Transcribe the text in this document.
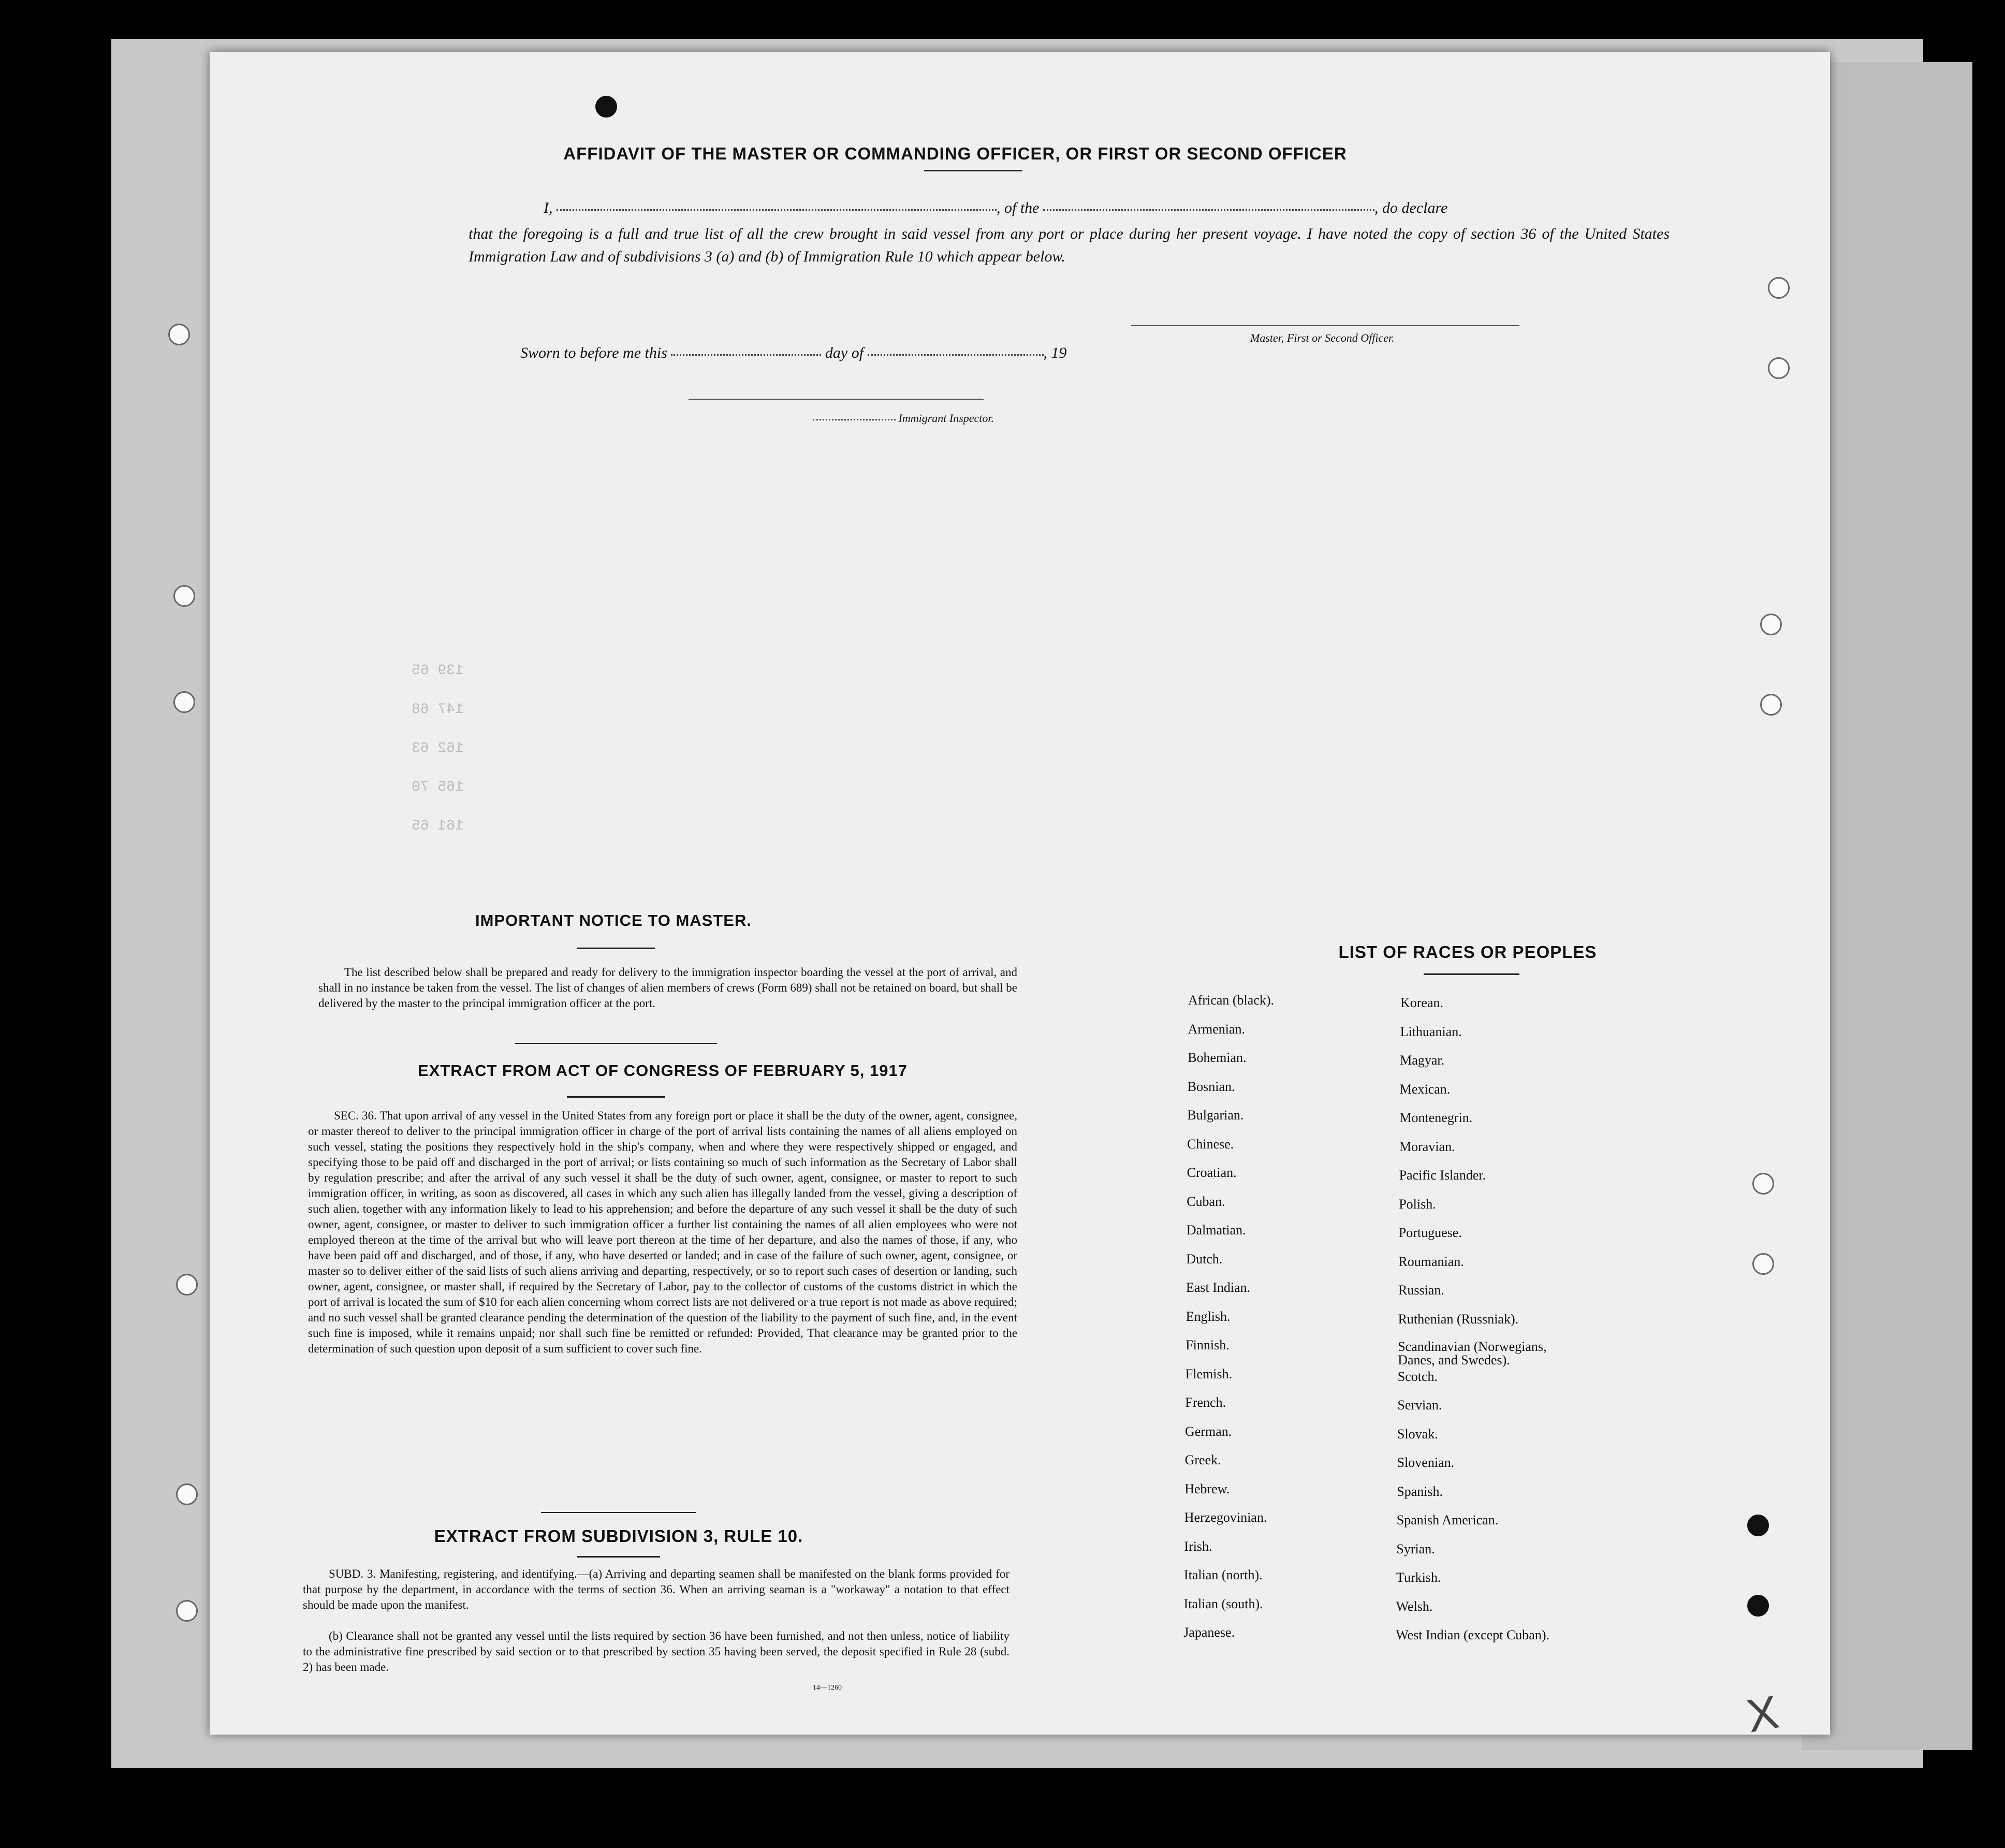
AFFIDAVIT OF THE MASTER OR COMMANDING OFFICER, OR FIRST OR SECOND OFFICER
I,	, of the	, do declare
that the foregoing is a full and true list of all the crew brought in said vessel from any port or place during her present voyage. I have noted the copy of section 36 of the United States Immigration Law and of subdivisions 3 (a) and (b) of Immigration Rule 10 which appear below.
Master, First or Second Officer.
Sworn to before me this	day of	, 19
Immigrant Inspector.
139 65
147 68
162 63
165 70
161 65
IMPORTANT NOTICE TO MASTER.
The list described below shall be prepared and ready for delivery to the immigration inspector boarding the vessel at the port of arrival, and shall in no instance be taken from the vessel. The list of changes of alien members of crews (Form 689) shall not be retained on board, but shall be delivered by the master to the principal immigration officer at the port.
EXTRACT FROM ACT OF CONGRESS OF FEBRUARY 5, 1917
SEC. 36. That upon arrival of any vessel in the United States from any foreign port or place it shall be the duty of the owner, agent, consignee, or master thereof to deliver to the principal immigration officer in charge of the port of arrival lists containing the names of all aliens employed on such vessel, stating the positions they respectively hold in the ship's company, when and where they were respectively shipped or engaged, and specifying those to be paid off and discharged in the port of arrival; or lists containing so much of such information as the Secretary of Labor shall by regulation prescribe; and after the arrival of any such vessel it shall be the duty of such owner, agent, consignee, or master to report to such immigration officer, in writing, as soon as discovered, all cases in which any such alien has illegally landed from the vessel, giving a description of such alien, together with any information likely to lead to his apprehension; and before the departure of any such vessel it shall be the duty of such owner, agent, consignee, or master to deliver to such immigration officer a further list containing the names of all alien employees who were not employed thereon at the time of the arrival but who will leave port thereon at the time of her departure, and also the names of those, if any, who have been paid off and discharged, and of those, if any, who have deserted or landed; and in case of the failure of such owner, agent, consignee, or master so to deliver either of the said lists of such aliens arriving and departing, respectively, or so to report such cases of desertion or landing, such owner, agent, consignee, or master shall, if required by the Secretary of Labor, pay to the collector of customs of the customs district in which the port of arrival is located the sum of $10 for each alien concerning whom correct lists are not delivered or a true report is not made as above required; and no such vessel shall be granted clearance pending the determination of the question of the liability to the payment of such fine, and, in the event such fine is imposed, while it remains unpaid; nor shall such fine be remitted or refunded: Provided, That clearance may be granted prior to the determination of such question upon deposit of a sum sufficient to cover such fine.
EXTRACT FROM SUBDIVISION 3, RULE 10.
SUBD. 3. Manifesting, registering, and identifying.—(a) Arriving and departing seamen shall be manifested on the blank forms provided for that purpose by the department, in accordance with the terms of section 36. When an arriving seaman is a "workaway" a notation to that effect should be made upon the manifest.
(b) Clearance shall not be granted any vessel until the lists required by section 36 have been furnished, and not then unless, notice of liability to the administrative fine prescribed by said section or to that prescribed by section 35 having been served, the deposit specified in Rule 28 (subd. 2) has been made.
14—1260
LIST OF RACES OR PEOPLES
African (black).
Armenian.
Bohemian.
Bosnian.
Bulgarian.
Chinese.
Croatian.
Cuban.
Dalmatian.
Dutch.
East Indian.
English.
Finnish.
Flemish.
French.
German.
Greek.
Hebrew.
Herzegovinian.
Irish.
Italian (north).
Italian (south).
Japanese.
Korean.
Lithuanian.
Magyar.
Mexican.
Montenegrin.
Moravian.
Pacific Islander.
Polish.
Portuguese.
Roumanian.
Russian.
Ruthenian (Russniak).
Scandinavian (Norwegians, Danes, and Swedes).
Scotch.
Servian.
Slovak.
Slovenian.
Spanish.
Spanish American.
Syrian.
Turkish.
Welsh.
West Indian (except Cuban).
X
